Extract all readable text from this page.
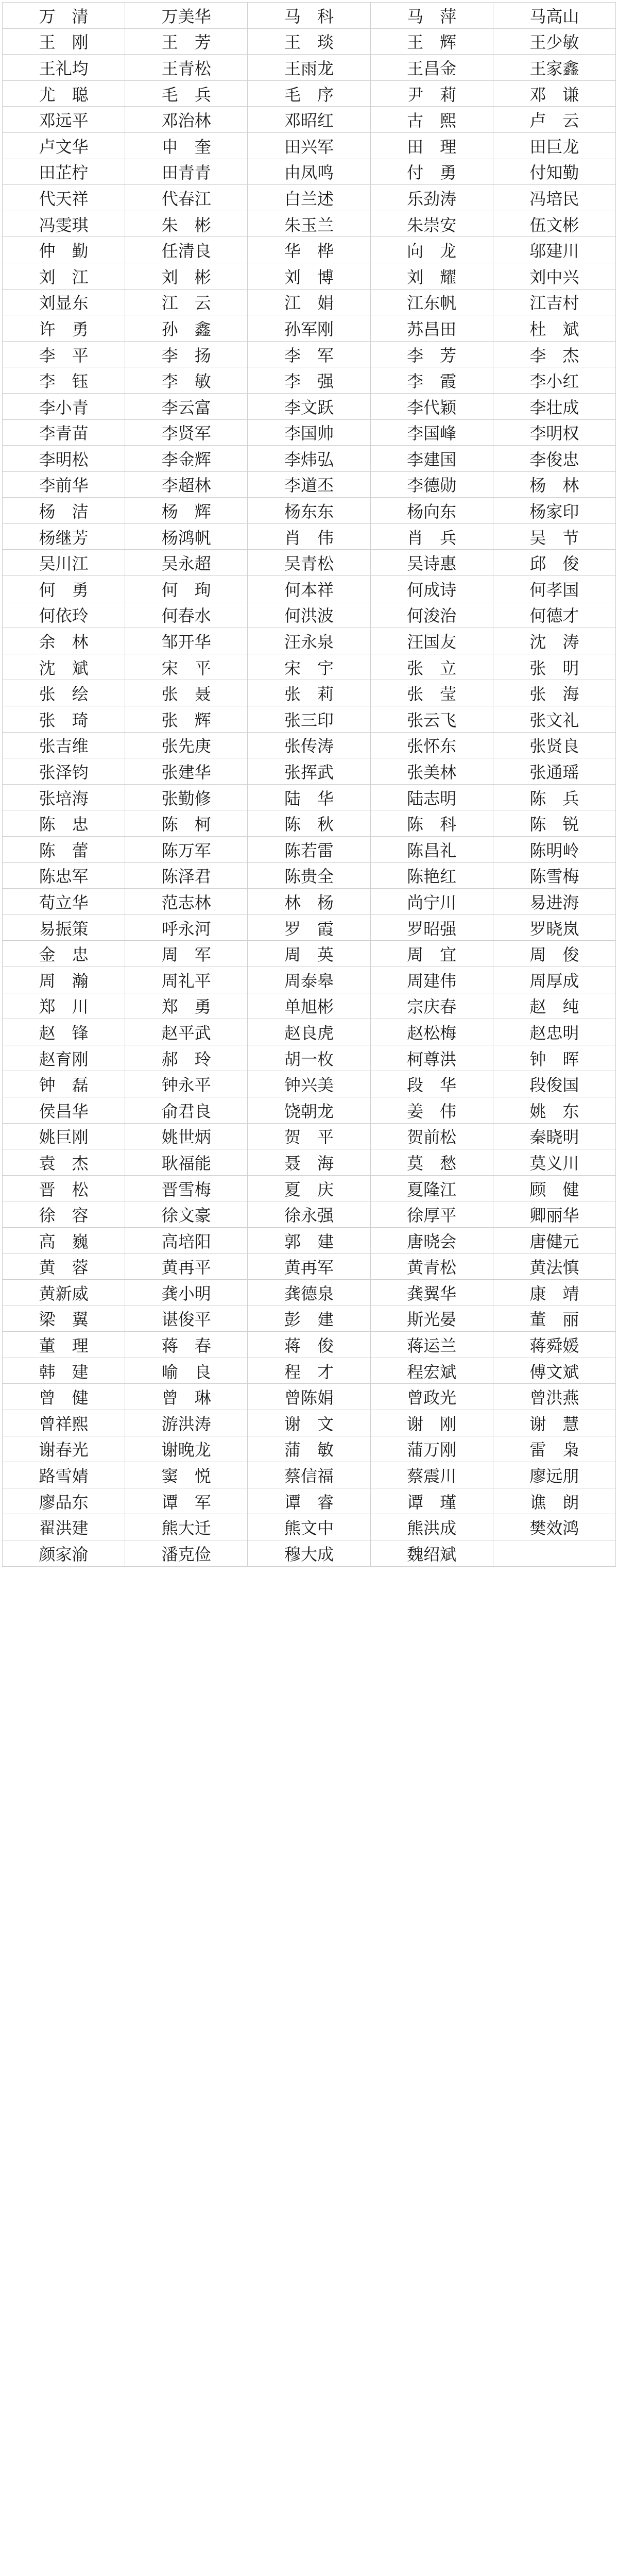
万　清	万美华	马　科	马　萍	马高山
王　刚	王　芳	王　琰	王　辉	王少敏
王礼均	王青松	王雨龙	王昌金	王家鑫
尤　聪	毛　兵	毛　序	尹　莉	邓　谦
邓远平	邓治林	邓昭红	古　熙	卢　云
卢文华	申　奎	田兴军	田　理	田巨龙
田芷柠	田青青	由凤鸣	付　勇	付知勤
代天祥	代春江	白兰述	乐劲涛	冯培民
冯雯琪	朱　彬	朱玉兰	朱崇安	伍文彬
仲　勤	任清良	华　桦	向　龙	邬建川
刘　江	刘　彬	刘　博	刘　耀	刘中兴
刘显东	江　云	江　娟	江东帆	江吉村
许　勇	孙　鑫	孙军刚	苏昌田	杜　斌
李　平	李　扬	李　军	李　芳	李　杰
李　钰	李　敏	李　强	李　霞	李小红
李小青	李云富	李文跃	李代颖	李壮成
李青苗	李贤军	李国帅	李国峰	李明权
李明松	李金辉	李炜弘	李建国	李俊忠
李前华	李超林	李道丕	李德勋	杨　林
杨　洁	杨　辉	杨东东	杨向东	杨家印
杨继芳	杨鸿帆	肖　伟	肖　兵	吴　节
吴川江	吴永超	吴青松	吴诗惠	邱　俊
何　勇	何　珣	何本祥	何成诗	何孝国
何依玲	何春水	何洪波	何浚治	何德才
余　林	邹开华	汪永泉	汪国友	沈　涛
沈　斌	宋　平	宋　宇	张　立	张　明
张　绘	张　聂	张　莉	张　莹	张　海
张　琦	张　辉	张三印	张云飞	张文礼
张吉维	张先庚	张传涛	张怀东	张贤良
张泽钧	张建华	张挥武	张美林	张通瑶
张培海	张勤修	陆　华	陆志明	陈　兵
陈　忠	陈　柯	陈　秋	陈　科	陈　锐
陈　蕾	陈万军	陈若雷	陈昌礼	陈明岭
陈忠军	陈泽君	陈贵全	陈艳红	陈雪梅
荀立华	范志林	林　杨	尚宁川	易进海
易振策	呼永河	罗　霞	罗昭强	罗晓岚
金　忠	周　军	周　英	周　宜	周　俊
周　瀚	周礼平	周泰皋	周建伟	周厚成
郑　川	郑　勇	单旭彬	宗庆春	赵　纯
赵　锋	赵平武	赵良虎	赵松梅	赵忠明
赵育刚	郝　玲	胡一枚	柯尊洪	钟　晖
钟　磊	钟永平	钟兴美	段　华	段俊国
侯昌华	俞君良	饶朝龙	姜　伟	姚　东
姚巨刚	姚世炳	贺　平	贺前松	秦晓明
袁　杰	耿福能	聂　海	莫　愁	莫义川
晋　松	晋雪梅	夏　庆	夏隆江	顾　健
徐　容	徐文豪	徐永强	徐厚平	卿丽华
高　巍	高培阳	郭　建	唐晓会	唐健元
黄　蓉	黄再平	黄再军	黄青松	黄法慎
黄新威	龚小明	龚德泉	龚翼华	康　靖
梁　翼	谌俊平	彭　建	斯光晏	董　丽
董　理	蒋　春	蒋　俊	蒋运兰	蒋舜媛
韩　建	喻　良	程　才	程宏斌	傅文斌
曾　健	曾　琳	曾陈娟	曾政光	曾洪燕
曾祥熙	游洪涛	谢　文	谢　刚	谢　慧
谢春光	谢晚龙	蒲　敏	蒲万刚	雷　枭
路雪婧	窦　悦	蔡信福	蔡震川	廖远朋
廖品东	谭　军	谭　睿	谭　瑾	谯　朗
翟洪建	熊大迁	熊文中	熊洪成	樊效鸿
颜家渝	潘克俭	穆大成	魏绍斌	
